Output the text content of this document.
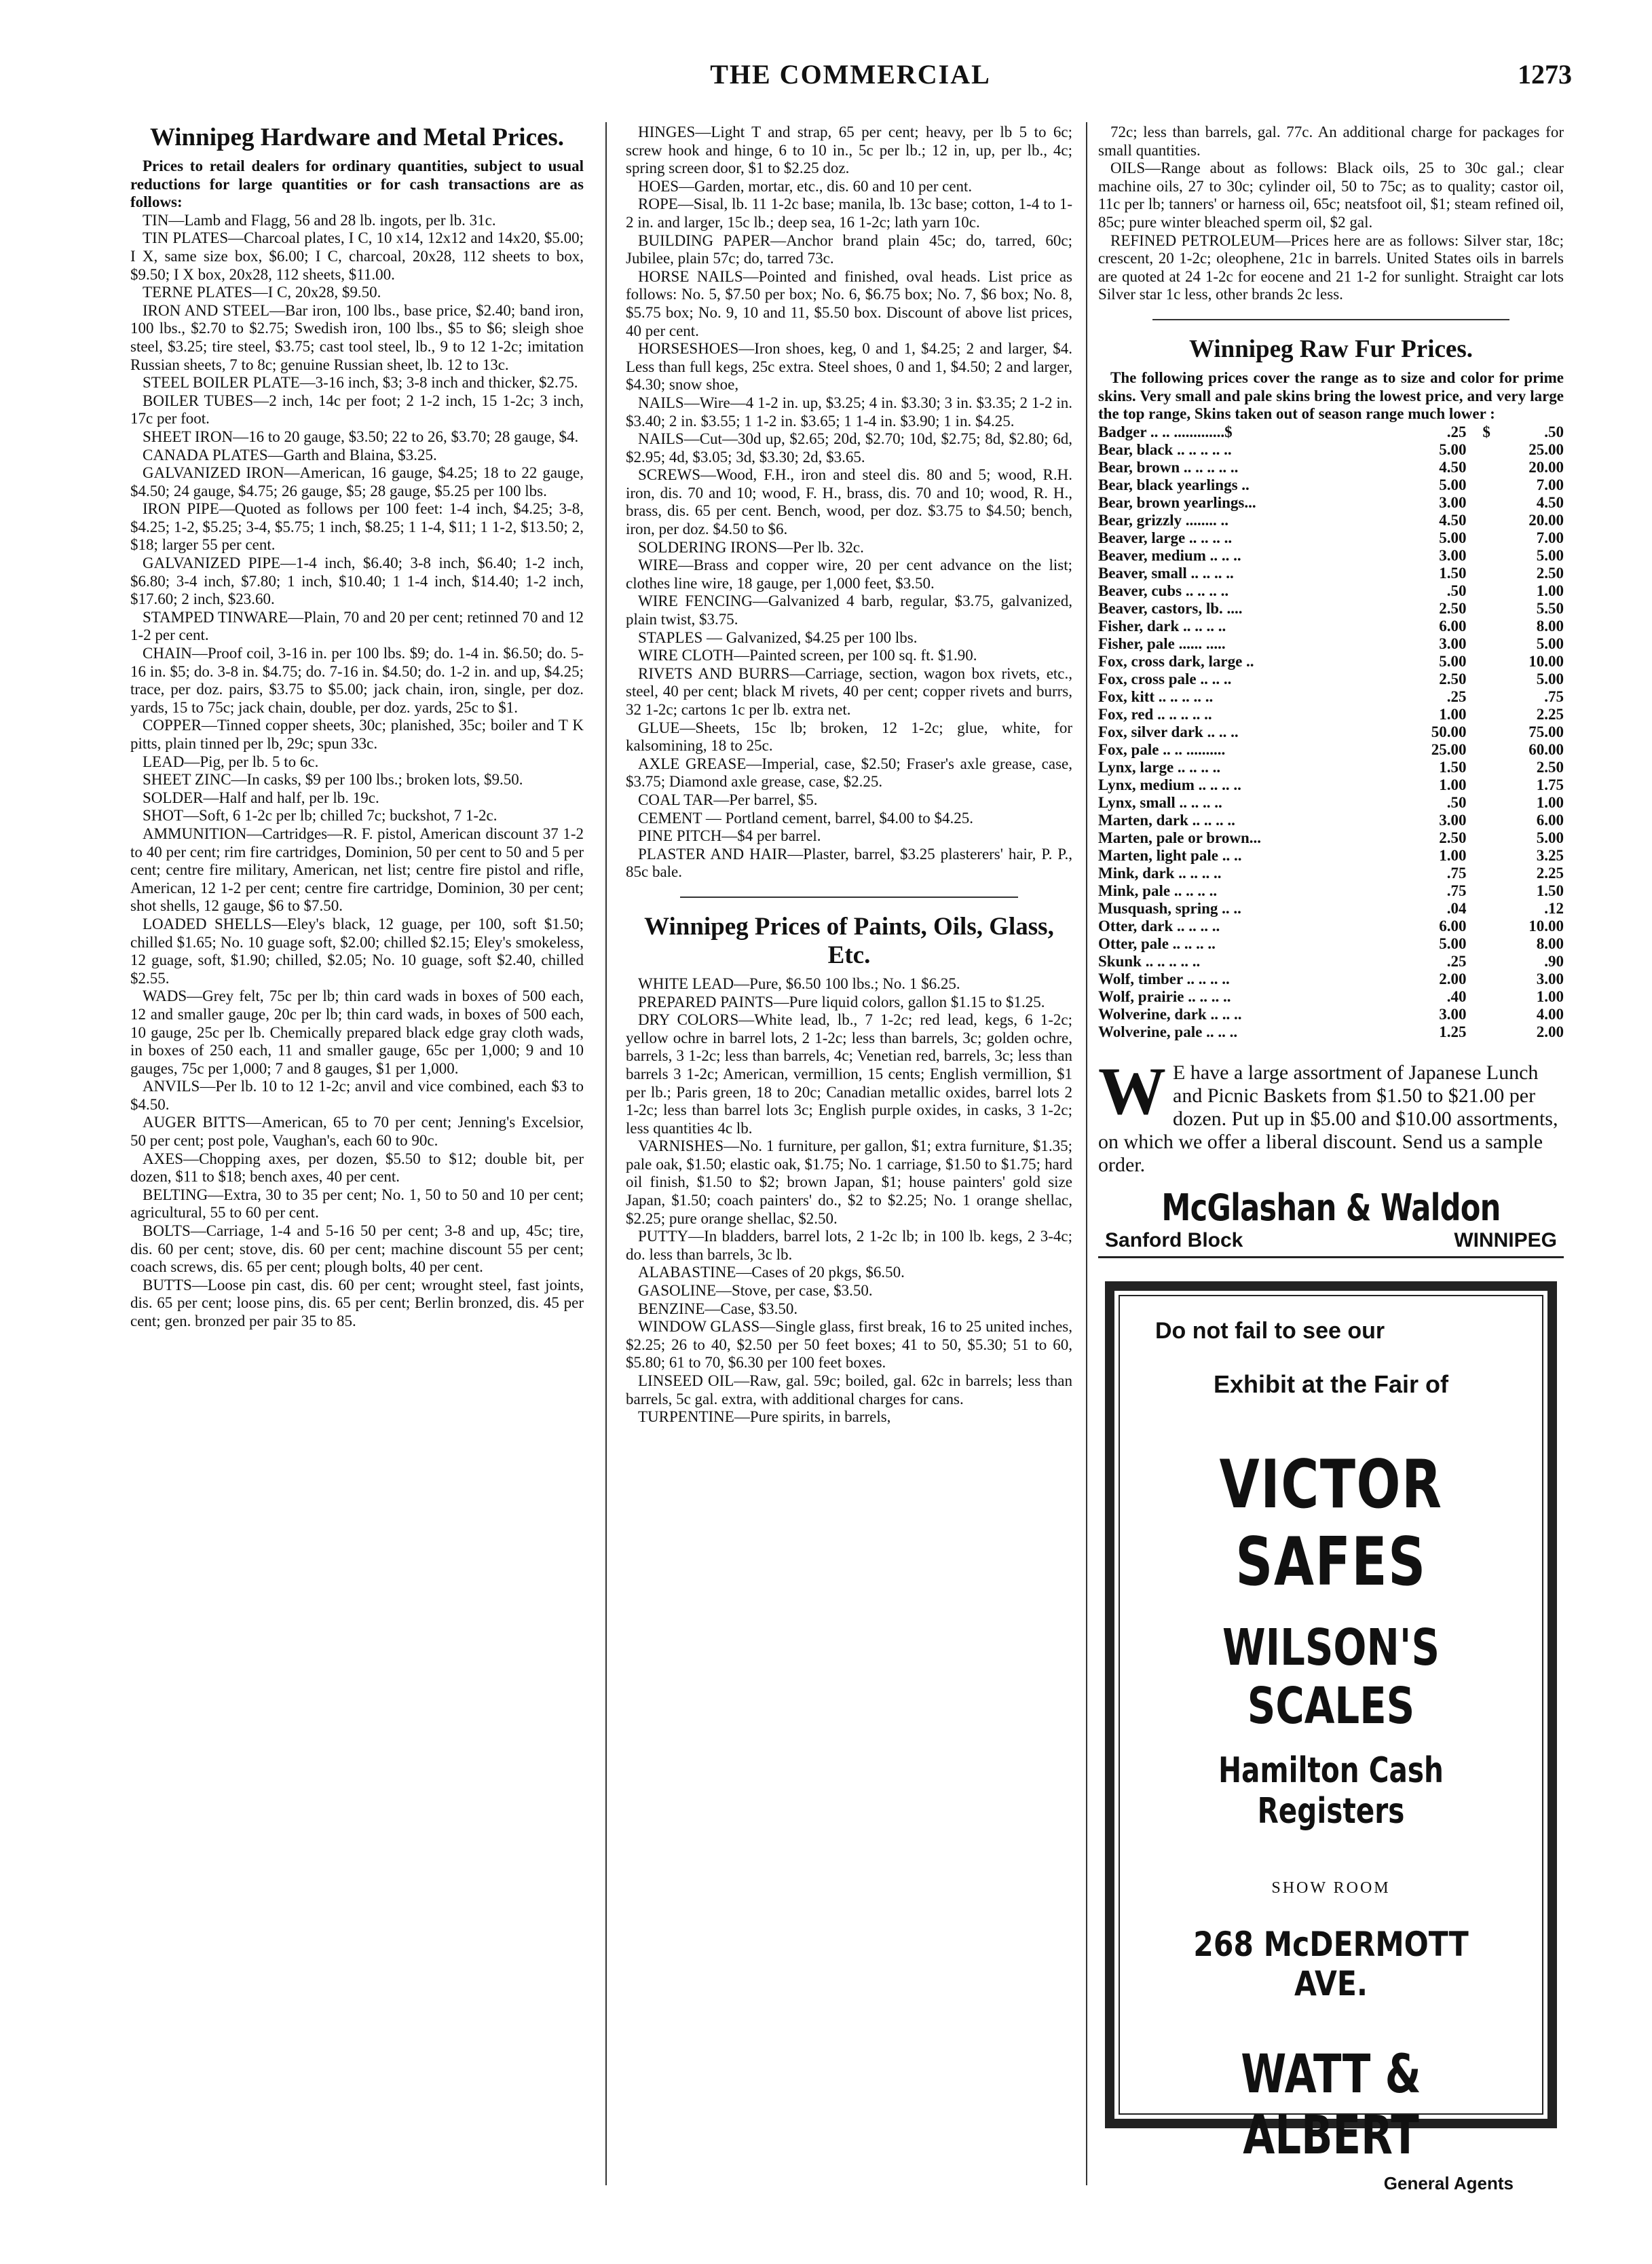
THE COMMERCIAL	1273
Winnipeg Hardware and Metal Prices.

Prices to retail dealers for ordinary quantities, subject to usual reductions for large quantities or for cash transactions are as follows:

TIN—Lamb and Flagg, 56 and 28 lb. ingots, per lb. 31c.

TIN PLATES—Charcoal plates, I C, 10 x14, 12x12 and 14x20, $5.00; I X, same size box, $6.00; I C, charcoal, 20x28, 112 sheets to box, $9.50; I X box, 20x28, 112 sheets, $11.00.

TERNE PLATES—I C, 20x28, $9.50.

IRON AND STEEL—Bar iron, 100 lbs., base price, $2.40; band iron, 100 lbs., $2.70 to $2.75; Swedish iron, 100 lbs., $5 to $6; sleigh shoe steel, $3.25; tire steel, $3.75; cast tool steel, lb., 9 to 12 1-2c; imitation Russian sheets, 7 to 8c; genuine Russian sheet, lb. 12 to 13c.

STEEL BOILER PLATE—3-16 inch, $3; 3-8 inch and thicker, $2.75.

BOILER TUBES—2 inch, 14c per foot; 2 1-2 inch, 15 1-2c; 3 inch, 17c per foot.

SHEET IRON—16 to 20 gauge, $3.50; 22 to 26, $3.70; 28 gauge, $4.

CANADA PLATES—Garth and Blaina, $3.25.

GALVANIZED IRON—American, 16 gauge, $4.25; 18 to 22 gauge, $4.50; 24 gauge, $4.75; 26 gauge, $5; 28 gauge, $5.25 per 100 lbs.

IRON PIPE—Quoted as follows per 100 feet: 1-4 inch, $4.25; 3-8, $4.25; 1-2, $5.25; 3-4, $5.75; 1 inch, $8.25; 1 1-4, $11; 1 1-2, $13.50; 2, $18; larger 55 per cent.

GALVANIZED PIPE—1-4 inch, $6.40; 3-8 inch, $6.40; 1-2 inch, $6.80; 3-4 inch, $7.80; 1 inch, $10.40; 1 1-4 inch, $14.40; 1-2 inch, $17.60; 2 inch, $23.60.

STAMPED TINWARE—Plain, 70 and 20 per cent; retinned 70 and 12 1-2 per cent.

CHAIN—Proof coil, 3-16 in. per 100 lbs. $9; do. 1-4 in. $6.50; do. 5-16 in. $5; do. 3-8 in. $4.75; do. 7-16 in. $4.50; do. 1-2 in. and up, $4.25; trace, per doz. pairs, $3.75 to $5.00; jack chain, iron, single, per doz. yards, 15 to 75c; jack chain, double, per doz. yards, 25c to $1.

COPPER—Tinned copper sheets, 30c; planished, 35c; boiler and T K pitts, plain tinned per lb, 29c; spun 33c.

LEAD—Pig, per lb. 5 to 6c.

SHEET ZINC—In casks, $9 per 100 lbs.; broken lots, $9.50.

SOLDER—Half and half, per lb. 19c.

SHOT—Soft, 6 1-2c per lb; chilled 7c; buckshot, 7 1-2c.

AMMUNITION—Cartridges—R. F. pistol, American discount 37 1-2 to 40 per cent; rim fire cartridges, Dominion, 50 per cent to 50 and 5 per cent; centre fire military, American, net list; centre fire pistol and rifle, American, 12 1-2 per cent; centre fire cartridge, Dominion, 30 per cent; shot shells, 12 gauge, $6 to $7.50.

LOADED SHELLS—Eley's black, 12 guage, per 100, soft $1.50; chilled $1.65; No. 10 guage soft, $2.00; chilled $2.15; Eley's smokeless, 12 guage, soft, $1.90; chilled, $2.05; No. 10 guage, soft $2.40, chilled $2.55.

WADS—Grey felt, 75c per lb; thin card wads in boxes of 500 each, 12 and smaller gauge, 20c per lb; thin card wads, in boxes of 500 each, 10 gauge, 25c per lb. Chemically prepared black edge gray cloth wads, in boxes of 250 each, 11 and smaller gauge, 65c per 1,000; 9 and 10 gauges, 75c per 1,000; 7 and 8 gauges, $1 per 1,000.

ANVILS—Per lb. 10 to 12 1-2c; anvil and vice combined, each $3 to $4.50.

AUGER BITTS—American, 65 to 70 per cent; Jenning's Excelsior, 50 per cent; post pole, Vaughan's, each 60 to 90c.

AXES—Chopping axes, per dozen, $5.50 to $12; double bit, per dozen, $11 to $18; bench axes, 40 per cent.

BELTING—Extra, 30 to 35 per cent; No. 1, 50 to 50 and 10 per cent; agricultural, 55 to 60 per cent.

BOLTS—Carriage, 1-4 and 5-16 50 per cent; 3-8 and up, 45c; tire, dis. 60 per cent; stove, dis. 60 per cent; machine discount 55 per cent; coach screws, dis. 65 per cent; plough bolts, 40 per cent.

BUTTS—Loose pin cast, dis. 60 per cent; wrought steel, fast joints, dis. 65 per cent; loose pins, dis. 65 per cent; Berlin bronzed, dis. 45 per cent; gen. bronzed per pair 35 to 85.

HINGES—Light T and strap, 65 per cent; heavy, per lb 5 to 6c; screw hook and hinge, 6 to 10 in., 5c per lb.; 12 in, up, per lb., 4c; spring screen door, $1 to $2.25 doz.

HOES—Garden, mortar, etc., dis. 60 and 10 per cent.

ROPE—Sisal, lb. 11 1-2c base; manila, lb. 13c base; cotton, 1-4 to 1-2 in. and larger, 15c lb.; deep sea, 16 1-2c; lath yarn 10c.

BUILDING PAPER—Anchor brand plain 45c; do, tarred, 60c; Jubilee, plain 57c; do, tarred 73c.

HORSE NAILS—Pointed and finished, oval heads. List price as follows: No. 5, $7.50 per box; No. 6, $6.75 box; No. 7, $6 box; No. 8, $5.75 box; No. 9, 10 and 11, $5.50 box. Discount of above list prices, 40 per cent.

HORSESHOES—Iron shoes, keg, 0 and 1, $4.25; 2 and larger, $4. Less than full kegs, 25c extra. Steel shoes, 0 and 1, $4.50; 2 and larger, $4.30; snow shoe,

NAILS—Wire—4 1-2 in. up, $3.25; 4 in. $3.30; 3 in. $3.35; 2 1-2 in. $3.40; 2 in. $3.55; 1 1-2 in. $3.65; 1 1-4 in. $3.90; 1 in. $4.25.

NAILS—Cut—30d up, $2.65; 20d, $2.70; 10d, $2.75; 8d, $2.80; 6d, $2.95; 4d, $3.05; 3d, $3.30; 2d, $3.65.

SCREWS—Wood, F.H., iron and steel dis. 80 and 5; wood, R.H. iron, dis. 70 and 10; wood, F. H., brass, dis. 70 and 10; wood, R. H., brass, dis. 65 per cent. Bench, wood, per doz. $3.75 to $4.50; bench, iron, per doz. $4.50 to $6.

SOLDERING IRONS—Per lb. 32c.

WIRE—Brass and copper wire, 20 per cent advance on the list; clothes line wire, 18 gauge, per 1,000 feet, $3.50.

WIRE FENCING—Galvanized 4 barb, regular, $3.75, galvanized, plain twist, $3.75.

STAPLES — Galvanized, $4.25 per 100 lbs.

WIRE CLOTH—Painted screen, per 100 sq. ft. $1.90.

RIVETS AND BURRS—Carriage, section, wagon box rivets, etc., steel, 40 per cent; black M rivets, 40 per cent; copper rivets and burrs, 32 1-2c; cartons 1c per lb. extra net.

GLUE—Sheets, 15c lb; broken, 12 1-2c; glue, white, for kalsomining, 18 to 25c.

AXLE GREASE—Imperial, case, $2.50; Fraser's axle grease, case, $3.75; Diamond axle grease, case, $2.25.

COAL TAR—Per barrel, $5.

CEMENT — Portland cement, barrel, $4.00 to $4.25.

PINE PITCH—$4 per barrel.

PLASTER AND HAIR—Plaster, barrel, $3.25 plasterers' hair, P. P., 85c bale.

Winnipeg Prices of Paints, Oils, Glass, Etc.

WHITE LEAD—Pure, $6.50 100 lbs.; No. 1 $6.25.

PREPARED PAINTS—Pure liquid colors, gallon $1.15 to $1.25.

DRY COLORS—White lead, lb., 7 1-2c; red lead, kegs, 6 1-2c; yellow ochre in barrel lots, 2 1-2c; less than barrels, 3c; golden ochre, barrels, 3 1-2c; less than barrels, 4c; Venetian red, barrels, 3c; less than barrels 3 1-2c; American, vermillion, 15 cents; English vermillion, $1 per lb.; Paris green, 18 to 20c; Canadian metallic oxides, barrel lots 2 1-2c; less than barrel lots 3c; English purple oxides, in casks, 3 1-2c; less quantities 4c lb.

VARNISHES—No. 1 furniture, per gallon, $1; extra furniture, $1.35; pale oak, $1.50; elastic oak, $1.75; No. 1 carriage, $1.50 to $1.75; hard oil finish, $1.50 to $2; brown Japan, $1; house painters' gold size Japan, $1.50; coach painters' do., $2 to $2.25; No. 1 orange shellac, $2.25; pure orange shellac, $2.50.

PUTTY—In bladders, barrel lots, 2 1-2c lb; in 100 lb. kegs, 2 3-4c; do. less than barrels, 3c lb.

ALABASTINE—Cases of 20 pkgs, $6.50.

GASOLINE—Stove, per case, $3.50.

BENZINE—Case, $3.50.

WINDOW GLASS—Single glass, first break, 16 to 25 united inches, $2.25; 26 to 40, $2.50 per 50 feet boxes; 41 to 50, $5.30; 51 to 60, $5.80; 61 to 70, $6.30 per 100 feet boxes.

LINSEED OIL—Raw, gal. 59c; boiled, gal. 62c in barrels; less than barrels, 5c gal. extra, with additional charges for cans.

TURPENTINE—Pure spirits, in barrels,

72c; less than barrels, gal. 77c. An additional charge for packages for small quantities.

OILS—Range about as follows: Black oils, 25 to 30c gal.; clear machine oils, 27 to 30c; cylinder oil, 50 to 75c; as to quality; castor oil, 11c per lb; tanners' or harness oil, 65c; neatsfoot oil, $1; steam refined oil, 85c; pure winter bleached sperm oil, $2 gal.

REFINED PETROLEUM—Prices here are as follows: Silver star, 18c; crescent, 20 1-2c; oleophene, 21c in barrels. United States oils in barrels are quoted at 24 1-2c for eocene and 21 1-2 for sunlight. Straight car lots Silver star 1c less, other brands 2c less.

Winnipeg Raw Fur Prices.

The following prices cover the range as to size and color for prime skins. Very small and pale skins bring the lowest price, and very large the top range, Skins taken out of season range much lower :

Badger .. .. .............$	.25	$	.50
Bear, black .. .. .. .. ..	5.00		25.00
Bear, brown .. .. .. .. ..	4.50		20.00
Bear, black yearlings ..	5.00		7.00
Bear, brown yearlings...	3.00		4.50
Bear, grizzly ........ ..	4.50		20.00
Beaver, large .. .. .. ..	5.00		7.00
Beaver, medium .. .. ..	3.00		5.00
Beaver, small .. .. .. ..	1.50		2.50
Beaver, cubs .. .. .. ..	.50		1.00
Beaver, castors, lb. ....	2.50		5.50
Fisher, dark .. .. .. ..	6.00		8.00
Fisher, pale ...... .....	3.00		5.00
Fox, cross dark, large ..	5.00		10.00
Fox, cross pale .. .. ..	2.50		5.00
Fox, kitt .. .. .. .. ..	.25		.75
Fox, red .. .. .. .. ..	1.00		2.25
Fox, silver dark .. .. ..	50.00		75.00
Fox, pale .. .. ..........	25.00		60.00
Lynx, large .. .. .. ..	1.50		2.50
Lynx, medium .. .. .. ..	1.00		1.75
Lynx, small .. .. .. ..	.50		1.00
Marten, dark .. .. .. ..	3.00		6.00
Marten, pale or brown...	2.50		5.00
Marten, light pale .. ..	1.00		3.25
Mink, dark .. .. .. ..	.75		2.25
Mink, pale .. .. .. ..	.75		1.50
Musquash, spring .. ..	.04		.12
Otter, dark .. .. .. ..	6.00		10.00
Otter, pale .. .. .. ..	5.00		8.00
Skunk .. .. .. .. ..	.25		.90
Wolf, timber .. .. .. ..	2.00		3.00
Wolf, prairie .. .. .. ..	.40		1.00
Wolverine, dark .. .. ..	3.00		4.00
Wolverine, pale .. .. ..	1.25		2.00
W E have a large assortment of Japanese Lunch and Picnic Baskets from $1.50 to $21.00 per dozen. Put up in $5.00 and $10.00 assortments, on which we offer a liberal discount. Send us a sample order.
McGlashan & Waldon
Sanford Block	WINNIPEG
Do not fail to see our
Exhibit at the Fair of
VICTOR SAFES
WILSON'S SCALES
Hamilton Cash Registers
SHOW ROOM
268 McDERMOTT AVE.
WATT & ALBERT
General Agents
